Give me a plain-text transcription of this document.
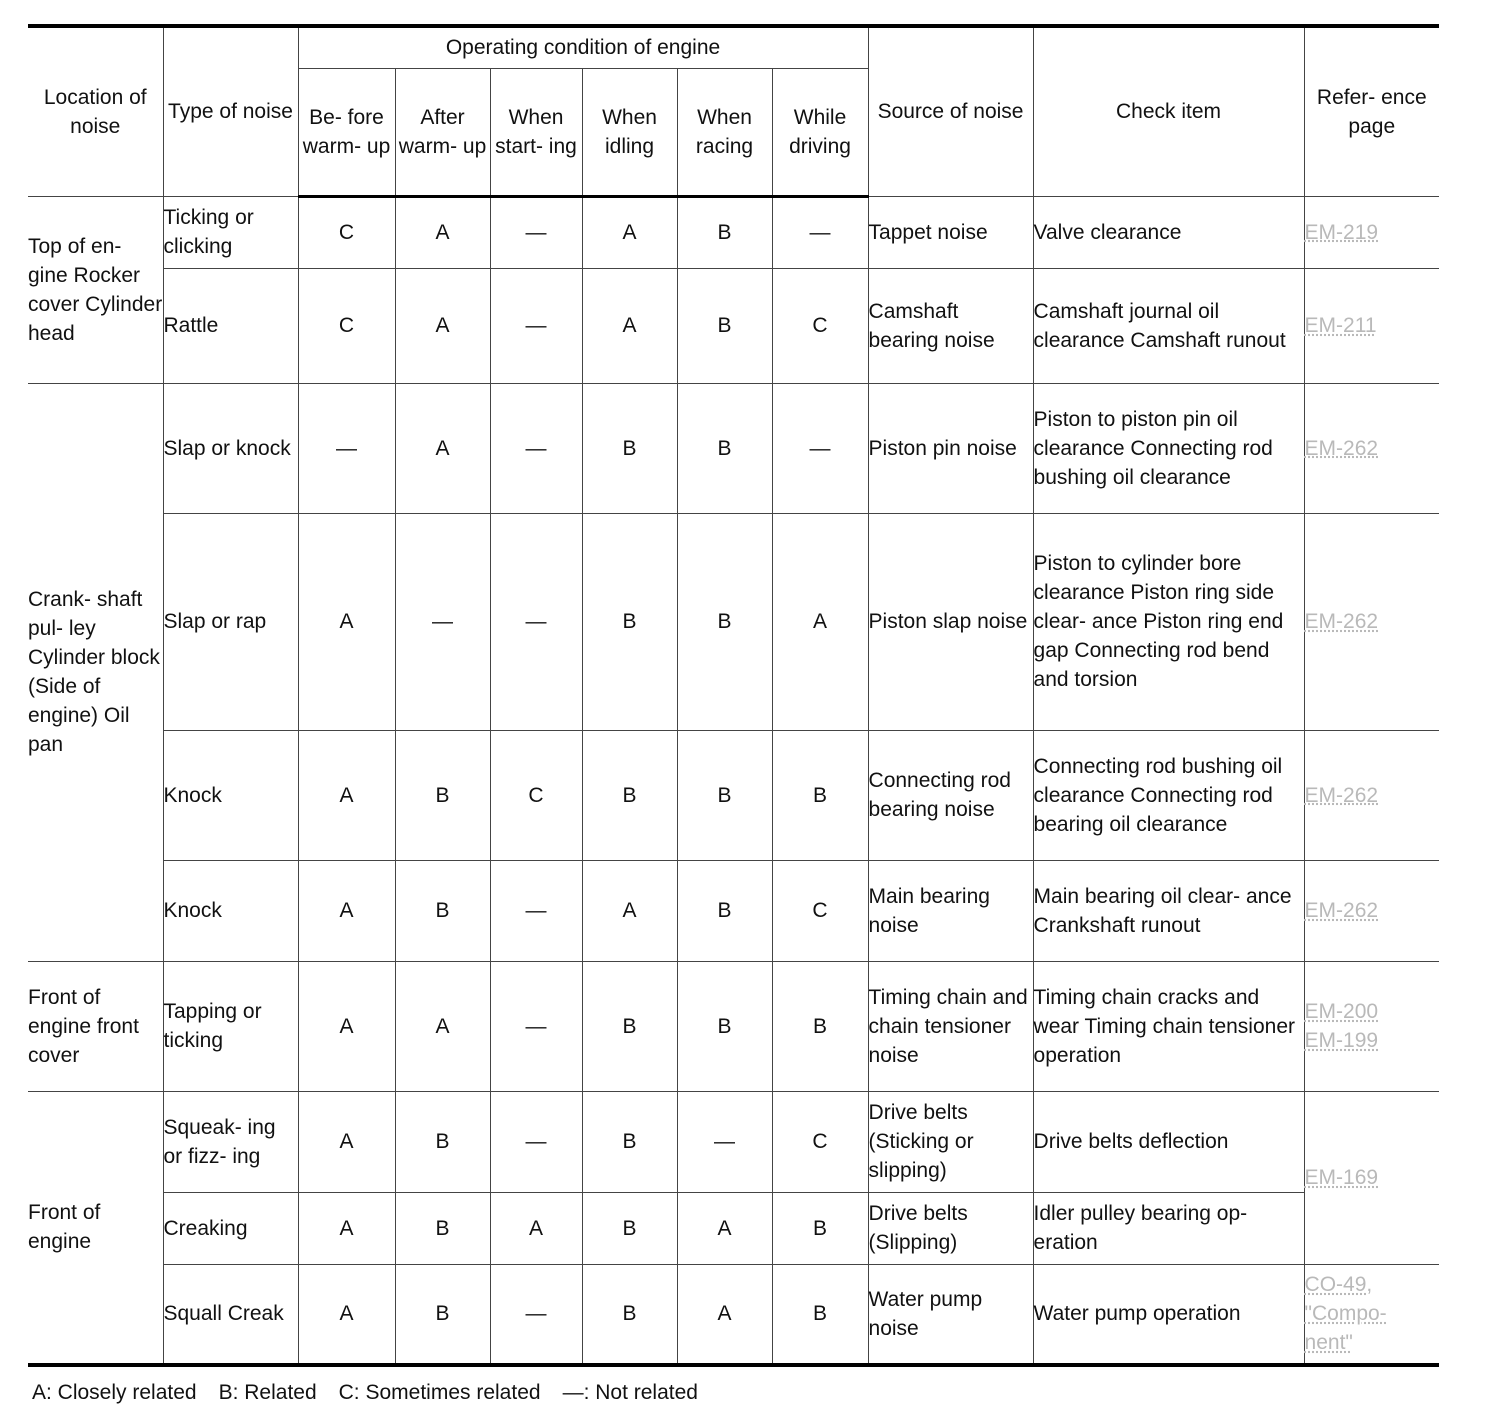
Location of noise	Type of noise	Operating condition of engine						Source of noise	Check item	Refer- ence page
		Be- fore warm- up	After warm- up	When start- ing	When idling	When racing	While driving			
Top of en- gine Rocker cover Cylinder head	Ticking or clicking	C	A	—	A	B	—	Tappet noise	Valve clearance	EM-219

	Rattle	C	A	—	A	B	C	Camshaft bearing noise	Camshaft journal oil clearance Camshaft runout	EM-211

Crank- shaft pul- ley Cylinder block (Side of engine) Oil pan	Slap or knock	—	A	—	B	B	—	Piston pin noise	Piston to piston pin oil clearance Connecting rod bushing oil clearance	EM-262

	Slap or rap	A	—	—	B	B	A	Piston slap noise	Piston to cylinder bore clearance Piston ring side clear- ance Piston ring end gap Connecting rod bend and torsion	EM-262

	Knock	A	B	C	B	B	B	Connecting rod bearing noise	Connecting rod bushing oil clearance Connecting rod bearing oil clearance	EM-262

	Knock	A	B	—	A	B	C	Main bearing noise	Main bearing oil clear- ance Crankshaft runout	EM-262

Front of engine front cover	Tapping or ticking	A	A	—	B	B	B	Timing chain and chain tensioner noise	Timing chain cracks and wear Timing chain tensioner operation	EM-200
EM-199

Front of engine	Squeak- ing or fizz- ing	A	B	—	B	—	C	Drive belts (Sticking or slipping)	Drive belts deflection	EM-169

	Creaking	A	B	A	B	A	B	Drive belts (Slipping)	Idler pulley bearing op- eration	
	Squall Creak	A	B	—	B	A	B	Water pump noise	Water pump operation	CO-49, "Compo- nent"
A: Closely related B: Related C: Sometimes related —: Not related
